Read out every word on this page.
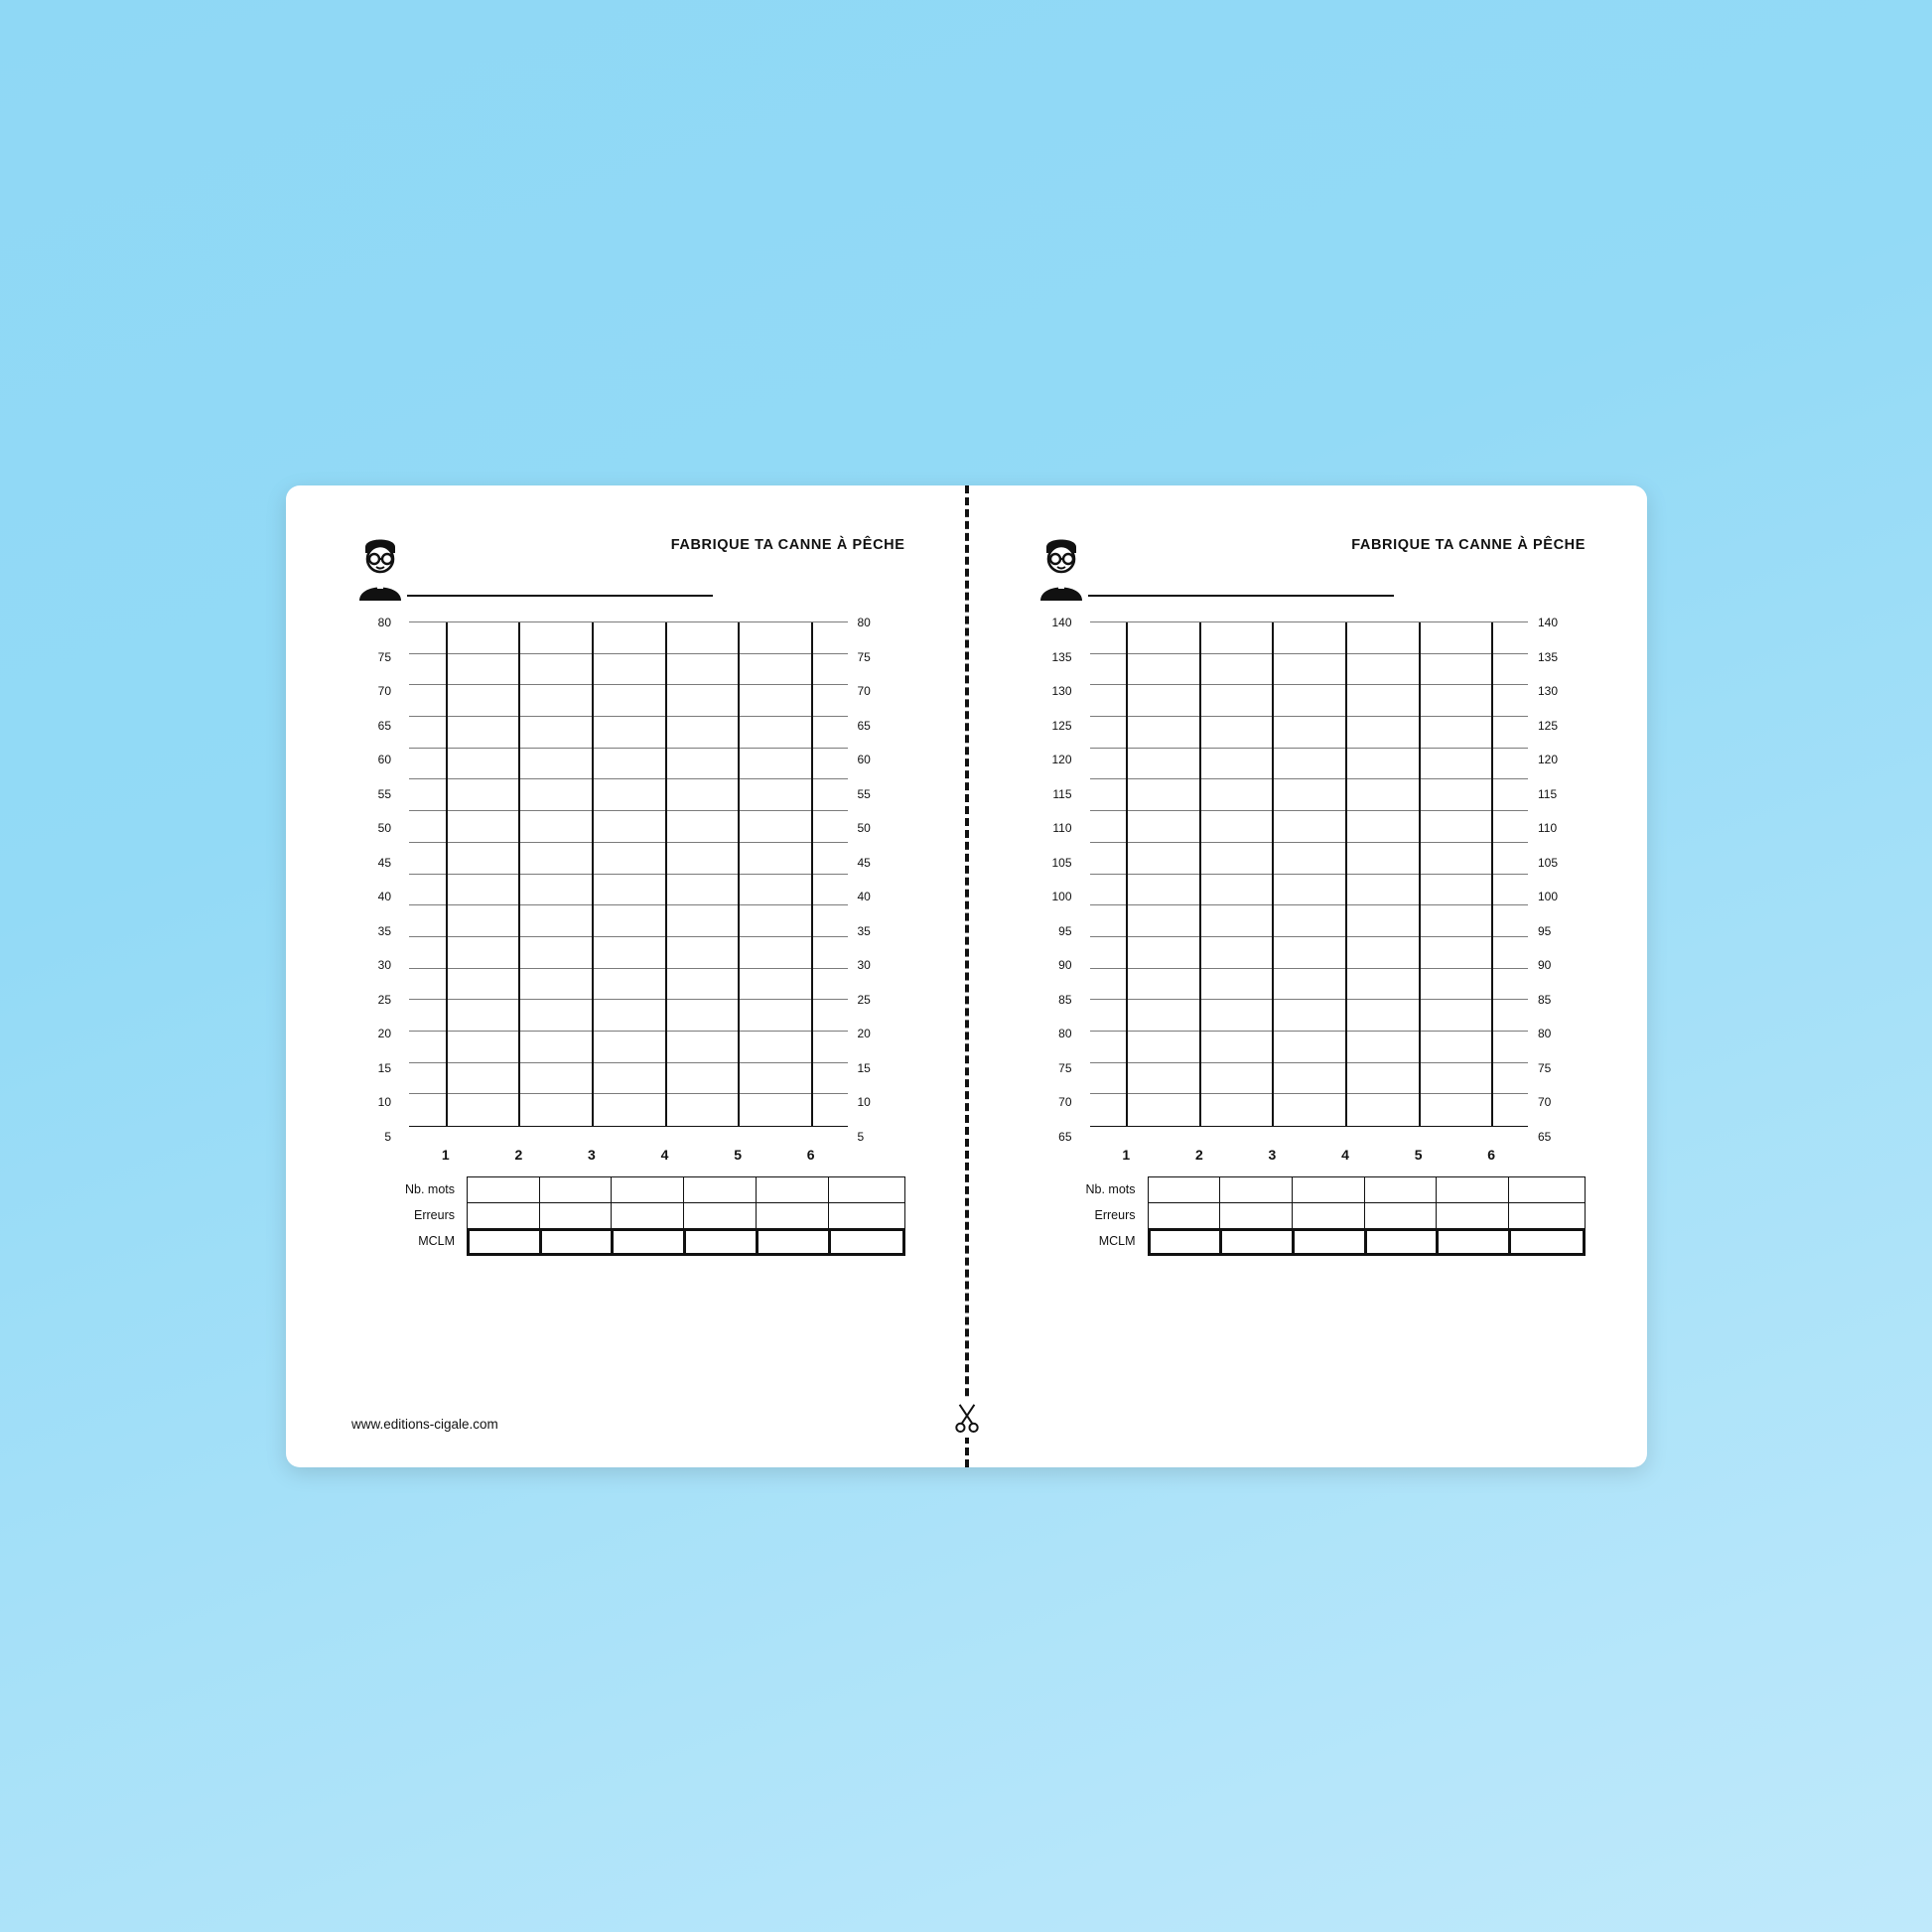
FABRIQUE TA CANNE À PÊCHE
5	5
10	10
15	15
20	20
25	25
30	30
35	35
40	40
45	45
50	50
55	55
60	60
65	65
70	70
75	75
80	80
1	2	3	4	5	6
Nb. mots
Erreurs
MCLM
www.editions-cigale.com
FABRIQUE TA CANNE À PÊCHE
65	65
70	70
75	75
80	80
85	85
90	90
95	95
100	100
105	105
110	110
115	115
120	120
125	125
130	130
135	135
140	140
1	2	3	4	5	6
Nb. mots
Erreurs
MCLM
